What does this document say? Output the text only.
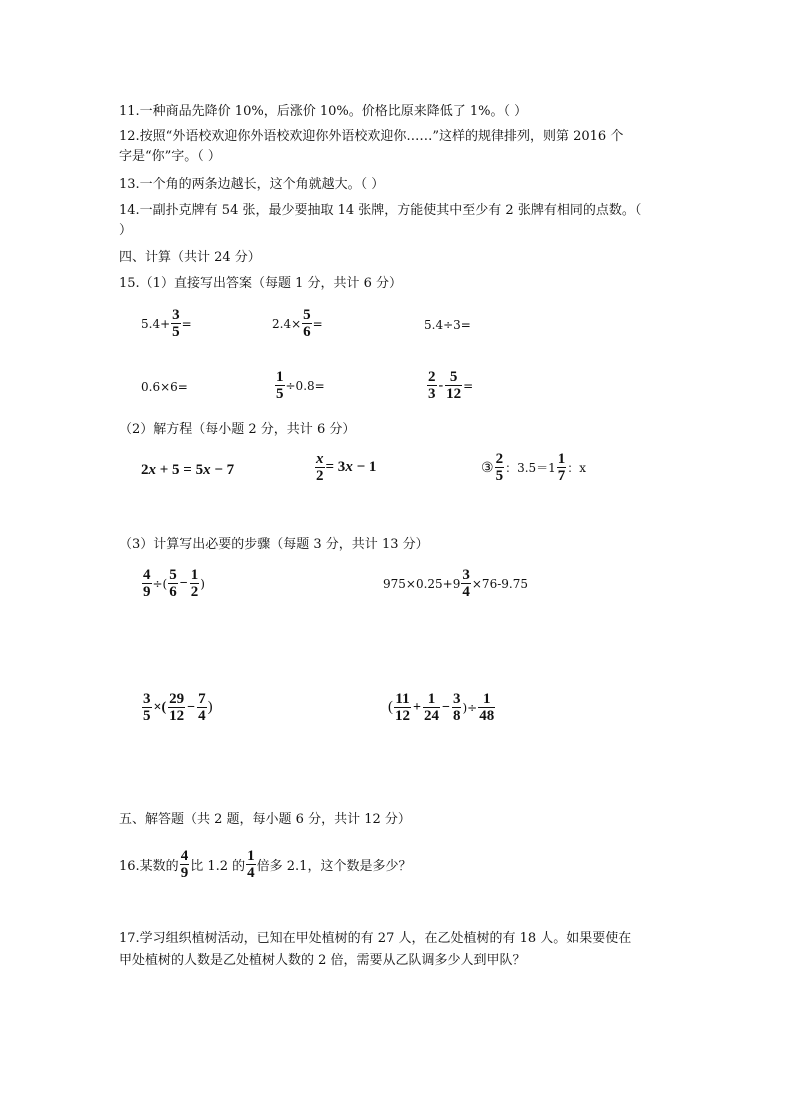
11.一种商品先降价 10%，后涨价 10%。价格比原来降低了 1%。（ ）
12.按照“外语校欢迎你外语校欢迎你外语校欢迎你……”这样的规律排列，则第 2016 个
字是“你”字。（ ）
13.一个角的两条边越长，这个角就越大。（ ）
14.一副扑克牌有 54 张，最少要抽取 14 张牌，方能使其中至少有 2 张牌有相同的点数。（
）
四、计算（共计 24 分）
15.（1）直接写出答案（每题 1 分，共计 6 分）
$5.4+ \frac{3}{5}$ =	$2.4\times \frac{5}{6}$ =	5.4÷3=
0.6×6=	$\frac{1}{5} \div 0.8=$	$\frac{2}{3} - \frac{5}{12}$ =
（2）解方程（每小题 2 分，共计 6 分）
2x + 5 = 5x − 7	$\frac{x}{2} = 3x - 1$	③ $\frac{2}{5}$ ：$3.5=1 \frac{1}{7}$ ：x
（3）计算写出必要的步骤（每题 3 分，共计 13 分）
$\frac{4}{9}$ ÷( $\frac{5}{6} - \frac{1}{2}$ )	$975\times 0.25+9 \frac{3}{4} \times 76-9.75$
$\frac{3}{5}$ ×( $\frac{29}{12} - \frac{7}{4}$ )	( $\frac{11}{12} + \frac{1}{24} - \frac{3}{8}$ )÷ $\frac{1}{48}$
五、解答题（共 2 题，每小题 6 分，共计 12 分）
16.某数的 $\frac{4}{9}$ 比 1.2 的 $\frac{1}{4}$ 倍多 2.1，这个数是多少？
17.学习组织植树活动，已知在甲处植树的有 27 人，在乙处植树的有 18 人。如果要使在
甲处植树的人数是乙处植树人数的 2 倍，需要从乙队调多少人到甲队？
